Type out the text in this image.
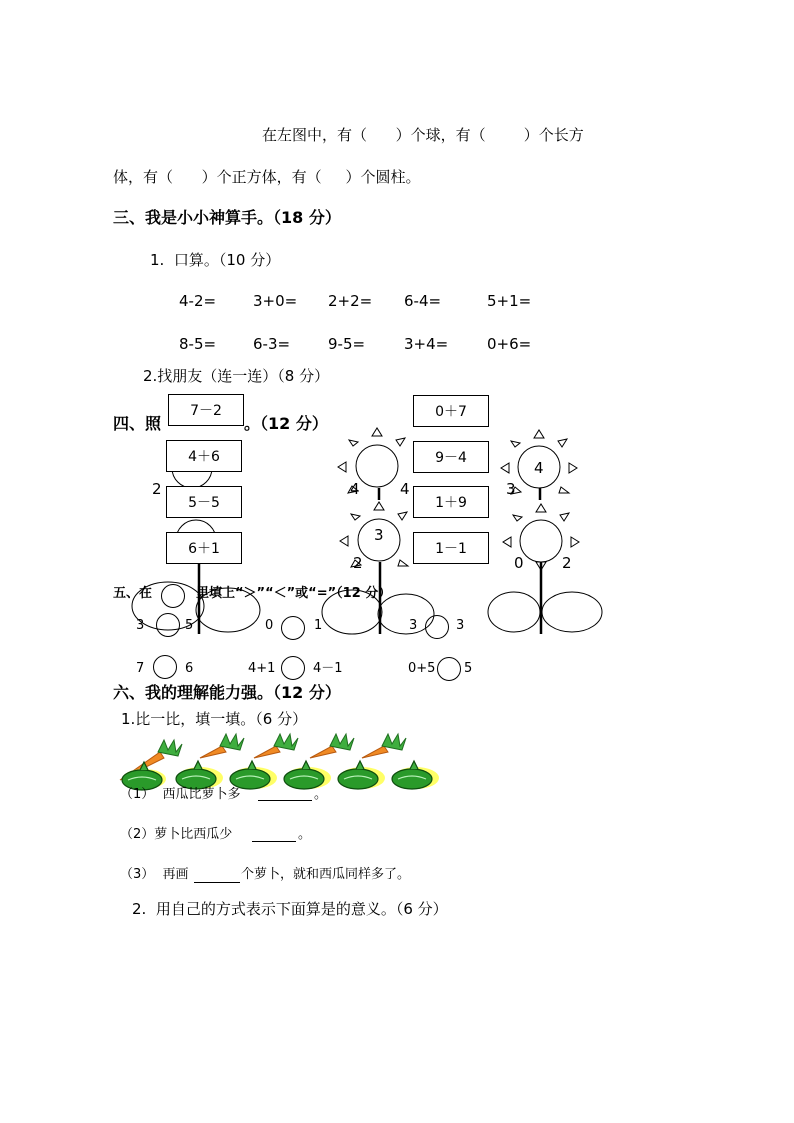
在左图中，有（      ）个球，有（        ）个长方
体，有（      ）个正方体，有（     ）个圆柱。
三、我是小小神算手。（18 分）
1.  口算。（10 分）
4-2= 3+0= 2+2= 6-4=	5+1=
8-5= 6-3=	9-5=	3+4=	0+6=
2.找朋友（连一连）（8 分）
四、照	。（12 分）
2	4	4
3
4
3
2	0	2
7－2
4＋6
5－5
6＋1
0＋7
9－4
1＋9
1－1
五、在	里填上“＞”“＜”或“=”（12 分）
3	5	0	1	3	3
7	6	4+1	4－1	0+5 5
六、我的理解能力强。（12 分）
1.比一比，填一填。（6 分）
（1）  西瓜比萝卜多	。
（2）萝卜比西瓜少	。
（3）  再画	个萝卜，就和西瓜同样多了。
2.  用自己的方式表示下面算是的意义。（6 分）
